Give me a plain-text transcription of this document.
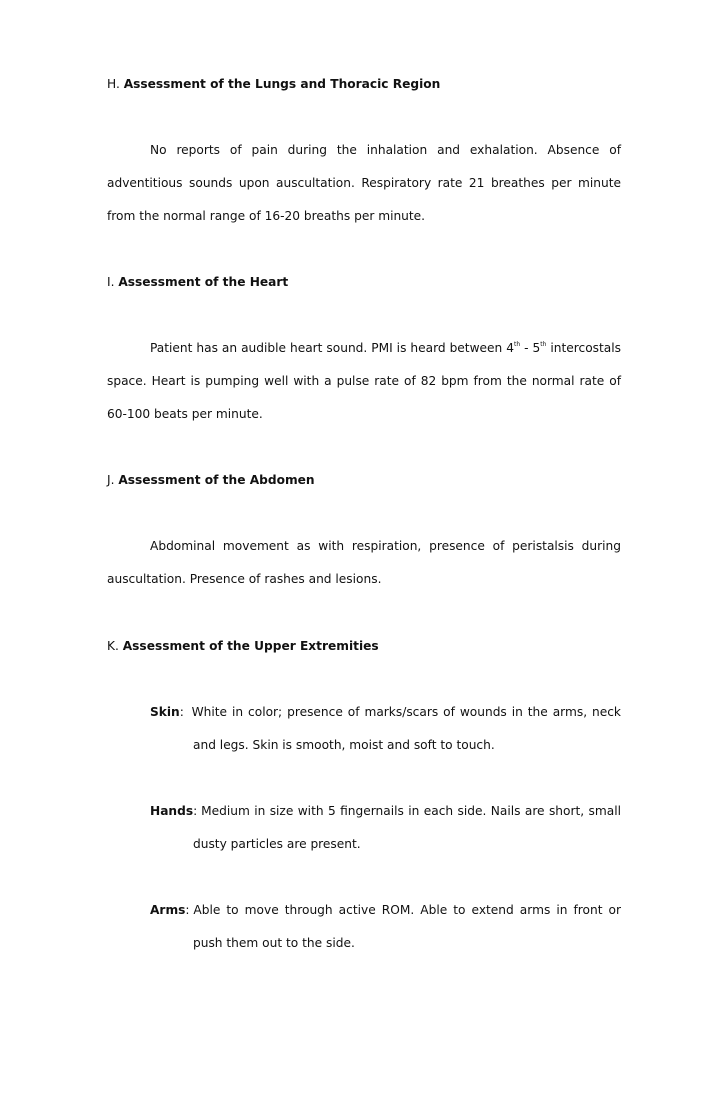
H. Assessment of the Lungs and Thoracic Region

No reports of pain during the inhalation and exhalation. Absence of adventitious sounds upon auscultation. Respiratory rate 21 breathes per minute from the normal range of 16-20 breaths per minute.

I. Assessment of the Heart

Patient has an audible heart sound. PMI is heard between 4th - 5th intercostals space. Heart is pumping well with a pulse rate of 82 bpm from the normal rate of 60-100 beats per minute.

J. Assessment of the Abdomen

Abdominal movement as with respiration, presence of peristalsis during auscultation. Presence of rashes and lesions.

K. Assessment of the Upper Extremities
Skin : White in color; presence of marks/scars of wounds in the arms, neck
and legs. Skin is smooth, moist and soft to touch.
Hands : Medium in size with 5 fingernails in each side. Nails are short, small
dusty particles are present.
Arms : Able to move through active ROM. Able to extend arms in front or
push them out to the side.
